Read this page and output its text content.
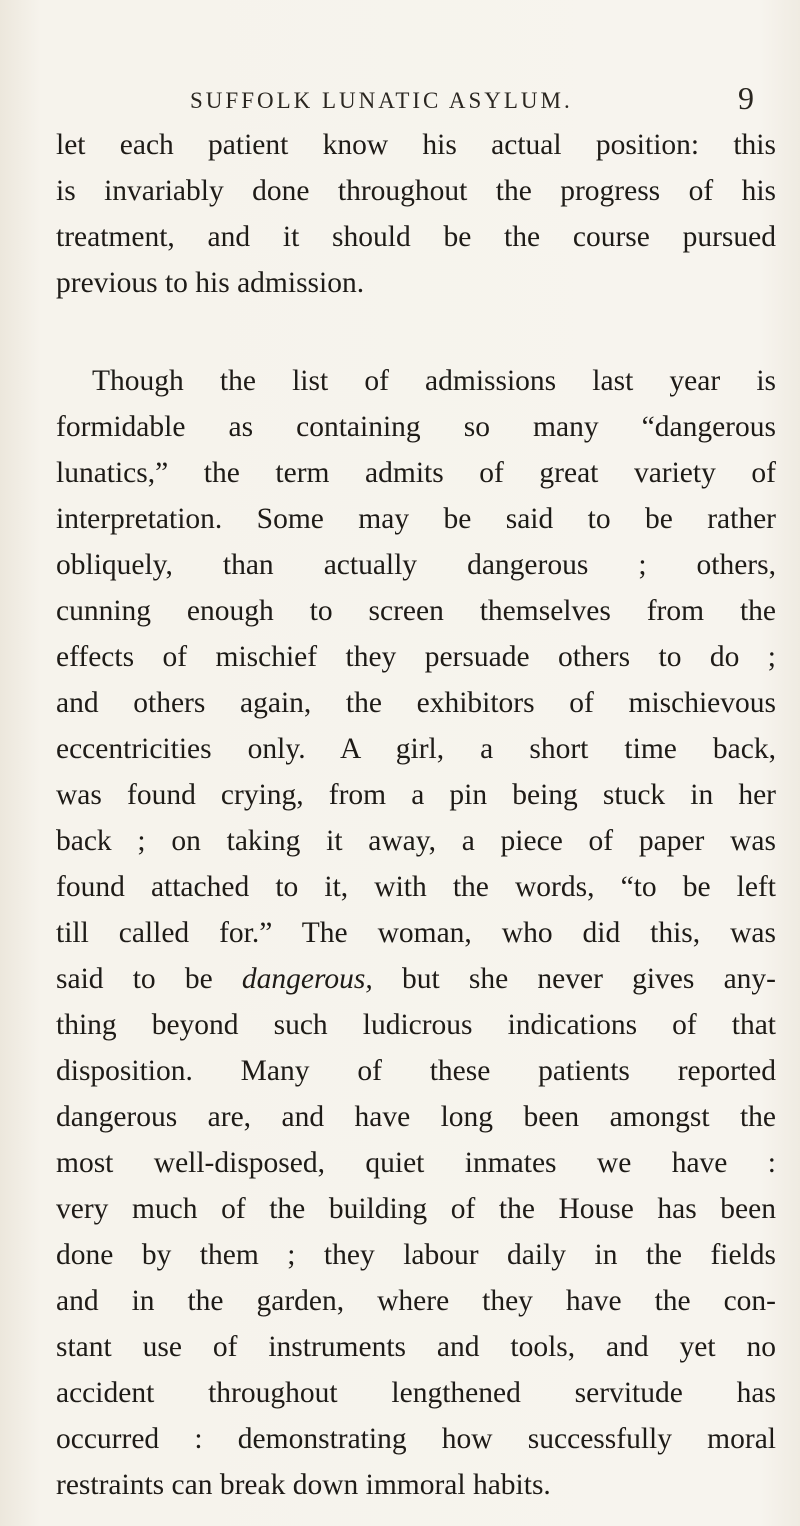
SUFFOLK LUNATIC ASYLUM.	9
let each patient know his actual position: this
is invariably done throughout the progress of his
treatment, and it should be the course pursued
previous to his admission.
Though the list of admissions last year is
formidable as containing so many “dangerous
lunatics,” the term admits of great variety of
interpretation. Some may be said to be rather
obliquely, than actually dangerous ; others,
cunning enough to screen themselves from the
effects of mischief they persuade others to do ;
and others again, the exhibitors of mischievous
eccentricities only. A girl, a short time back,
was found crying, from a pin being stuck in her
back ; on taking it away, a piece of paper was
found attached to it, with the words, “to be left
till called for.” The woman, who did this, was
said to be dangerous, but she never gives any-
thing beyond such ludicrous indications of that
disposition. Many of these patients reported
dangerous are, and have long been amongst the
most well-disposed, quiet inmates we have :
very much of the building of the House has been
done by them ; they labour daily in the fields
and in the garden, where they have the con-
stant use of instruments and tools, and yet no
accident throughout lengthened servitude has
occurred : demonstrating how successfully moral
restraints can break down immoral habits.
